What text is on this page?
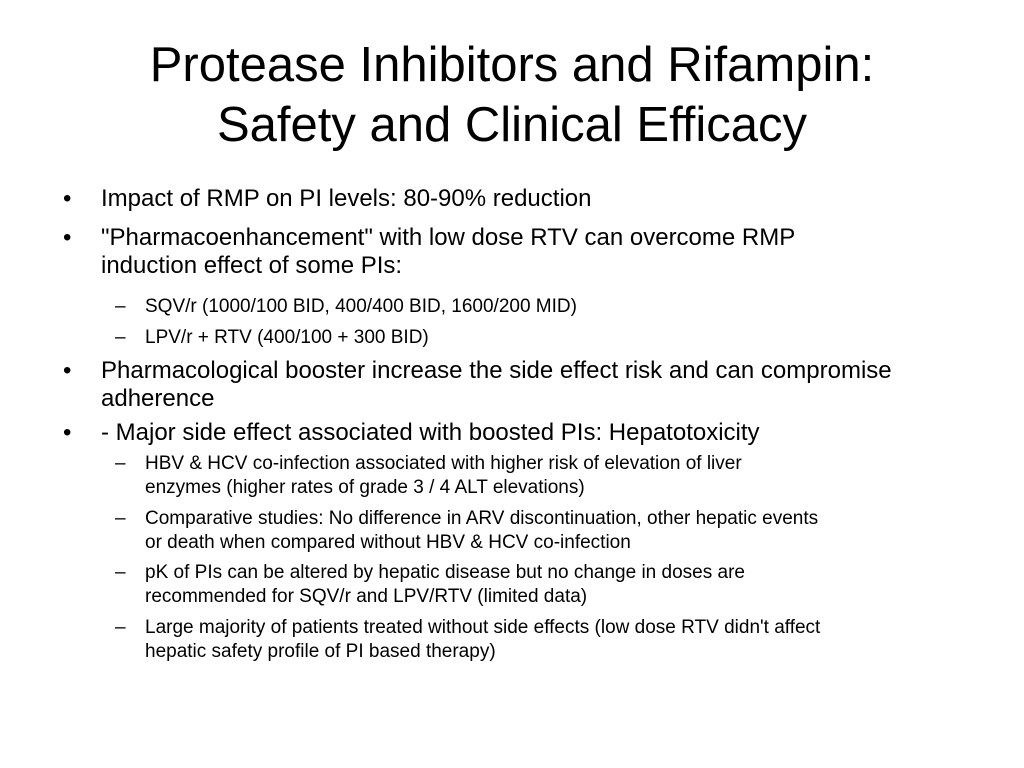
Protease Inhibitors and Rifampin:
Safety and Clinical Efficacy
•	Impact of RMP on PI levels: 80-90% reduction
•	"Pharmacoenhancement" with low dose RTV can overcome RMP
induction effect of some PIs:
–	SQV/r (1000/100 BID, 400/400 BID, 1600/200 MID)
–	LPV/r + RTV (400/100 + 300 BID)
•	Pharmacological booster increase the side effect risk and can compromise
adherence
•	- Major side effect associated with boosted PIs: Hepatotoxicity
–	HBV & HCV co-infection associated with higher risk of elevation of liver
enzymes (higher rates of grade 3 / 4 ALT elevations)
–	Comparative studies: No difference in ARV discontinuation, other hepatic events
or death when compared without HBV & HCV co-infection
–	pK of PIs can be altered by hepatic disease but no change in doses are
recommended for SQV/r and LPV/RTV (limited data)
–	Large majority of patients treated without side effects (low dose RTV didn't affect
hepatic safety profile of PI based therapy)
